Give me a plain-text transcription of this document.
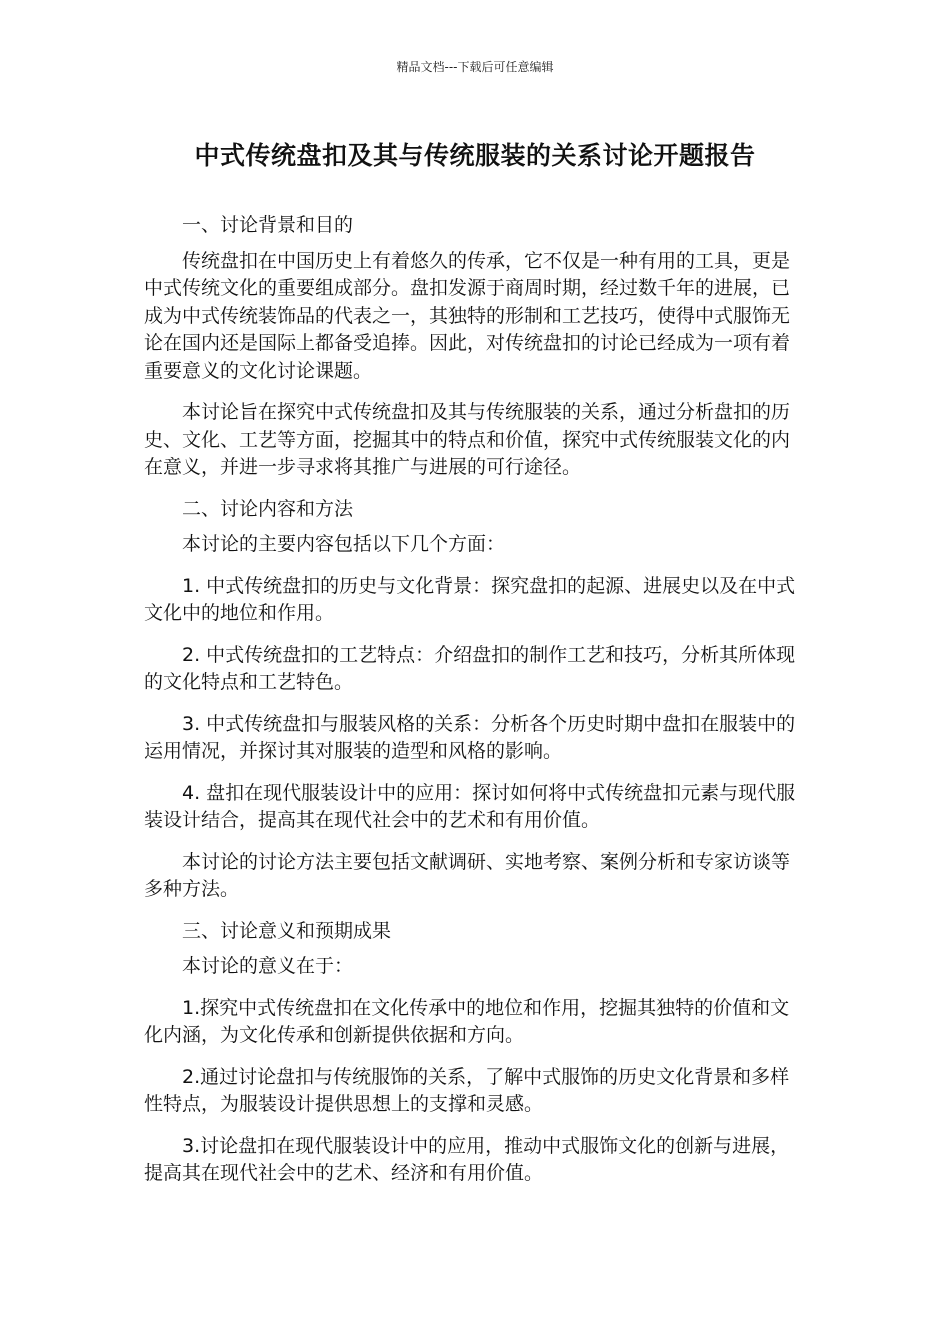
精品文档---下载后可任意编辑
中式传统盘扣及其与传统服装的关系讨论开题报告

一、讨论背景和目的

传统盘扣在中国历史上有着悠久的传承，它不仅是一种有用的工具，更是中式传统文化的重要组成部分。盘扣发源于商周时期，经过数千年的进展，已成为中式传统装饰品的代表之一，其独特的形制和工艺技巧，使得中式服饰无论在国内还是国际上都备受追捧。因此，对传统盘扣的讨论已经成为一项有着重要意义的文化讨论课题。

本讨论旨在探究中式传统盘扣及其与传统服装的关系，通过分析盘扣的历史、文化、工艺等方面，挖掘其中的特点和价值，探究中式传统服装文化的内在意义，并进一步寻求将其推广与进展的可行途径。

二、讨论内容和方法

本讨论的主要内容包括以下几个方面：

1. 中式传统盘扣的历史与文化背景：探究盘扣的起源、进展史以及在中式文化中的地位和作用。

2. 中式传统盘扣的工艺特点：介绍盘扣的制作工艺和技巧，分析其所体现的文化特点和工艺特色。

3. 中式传统盘扣与服装风格的关系：分析各个历史时期中盘扣在服装中的运用情况，并探讨其对服装的造型和风格的影响。

4. 盘扣在现代服装设计中的应用：探讨如何将中式传统盘扣元素与现代服装设计结合，提高其在现代社会中的艺术和有用价值。

本讨论的讨论方法主要包括文献调研、实地考察、案例分析和专家访谈等多种方法。

三、讨论意义和预期成果

本讨论的意义在于：

1.探究中式传统盘扣在文化传承中的地位和作用，挖掘其独特的价值和文化内涵，为文化传承和创新提供依据和方向。

2.通过讨论盘扣与传统服饰的关系，了解中式服饰的历史文化背景和多样性特点，为服装设计提供思想上的支撑和灵感。

3.讨论盘扣在现代服装设计中的应用，推动中式服饰文化的创新与进展，提高其在现代社会中的艺术、经济和有用价值。
